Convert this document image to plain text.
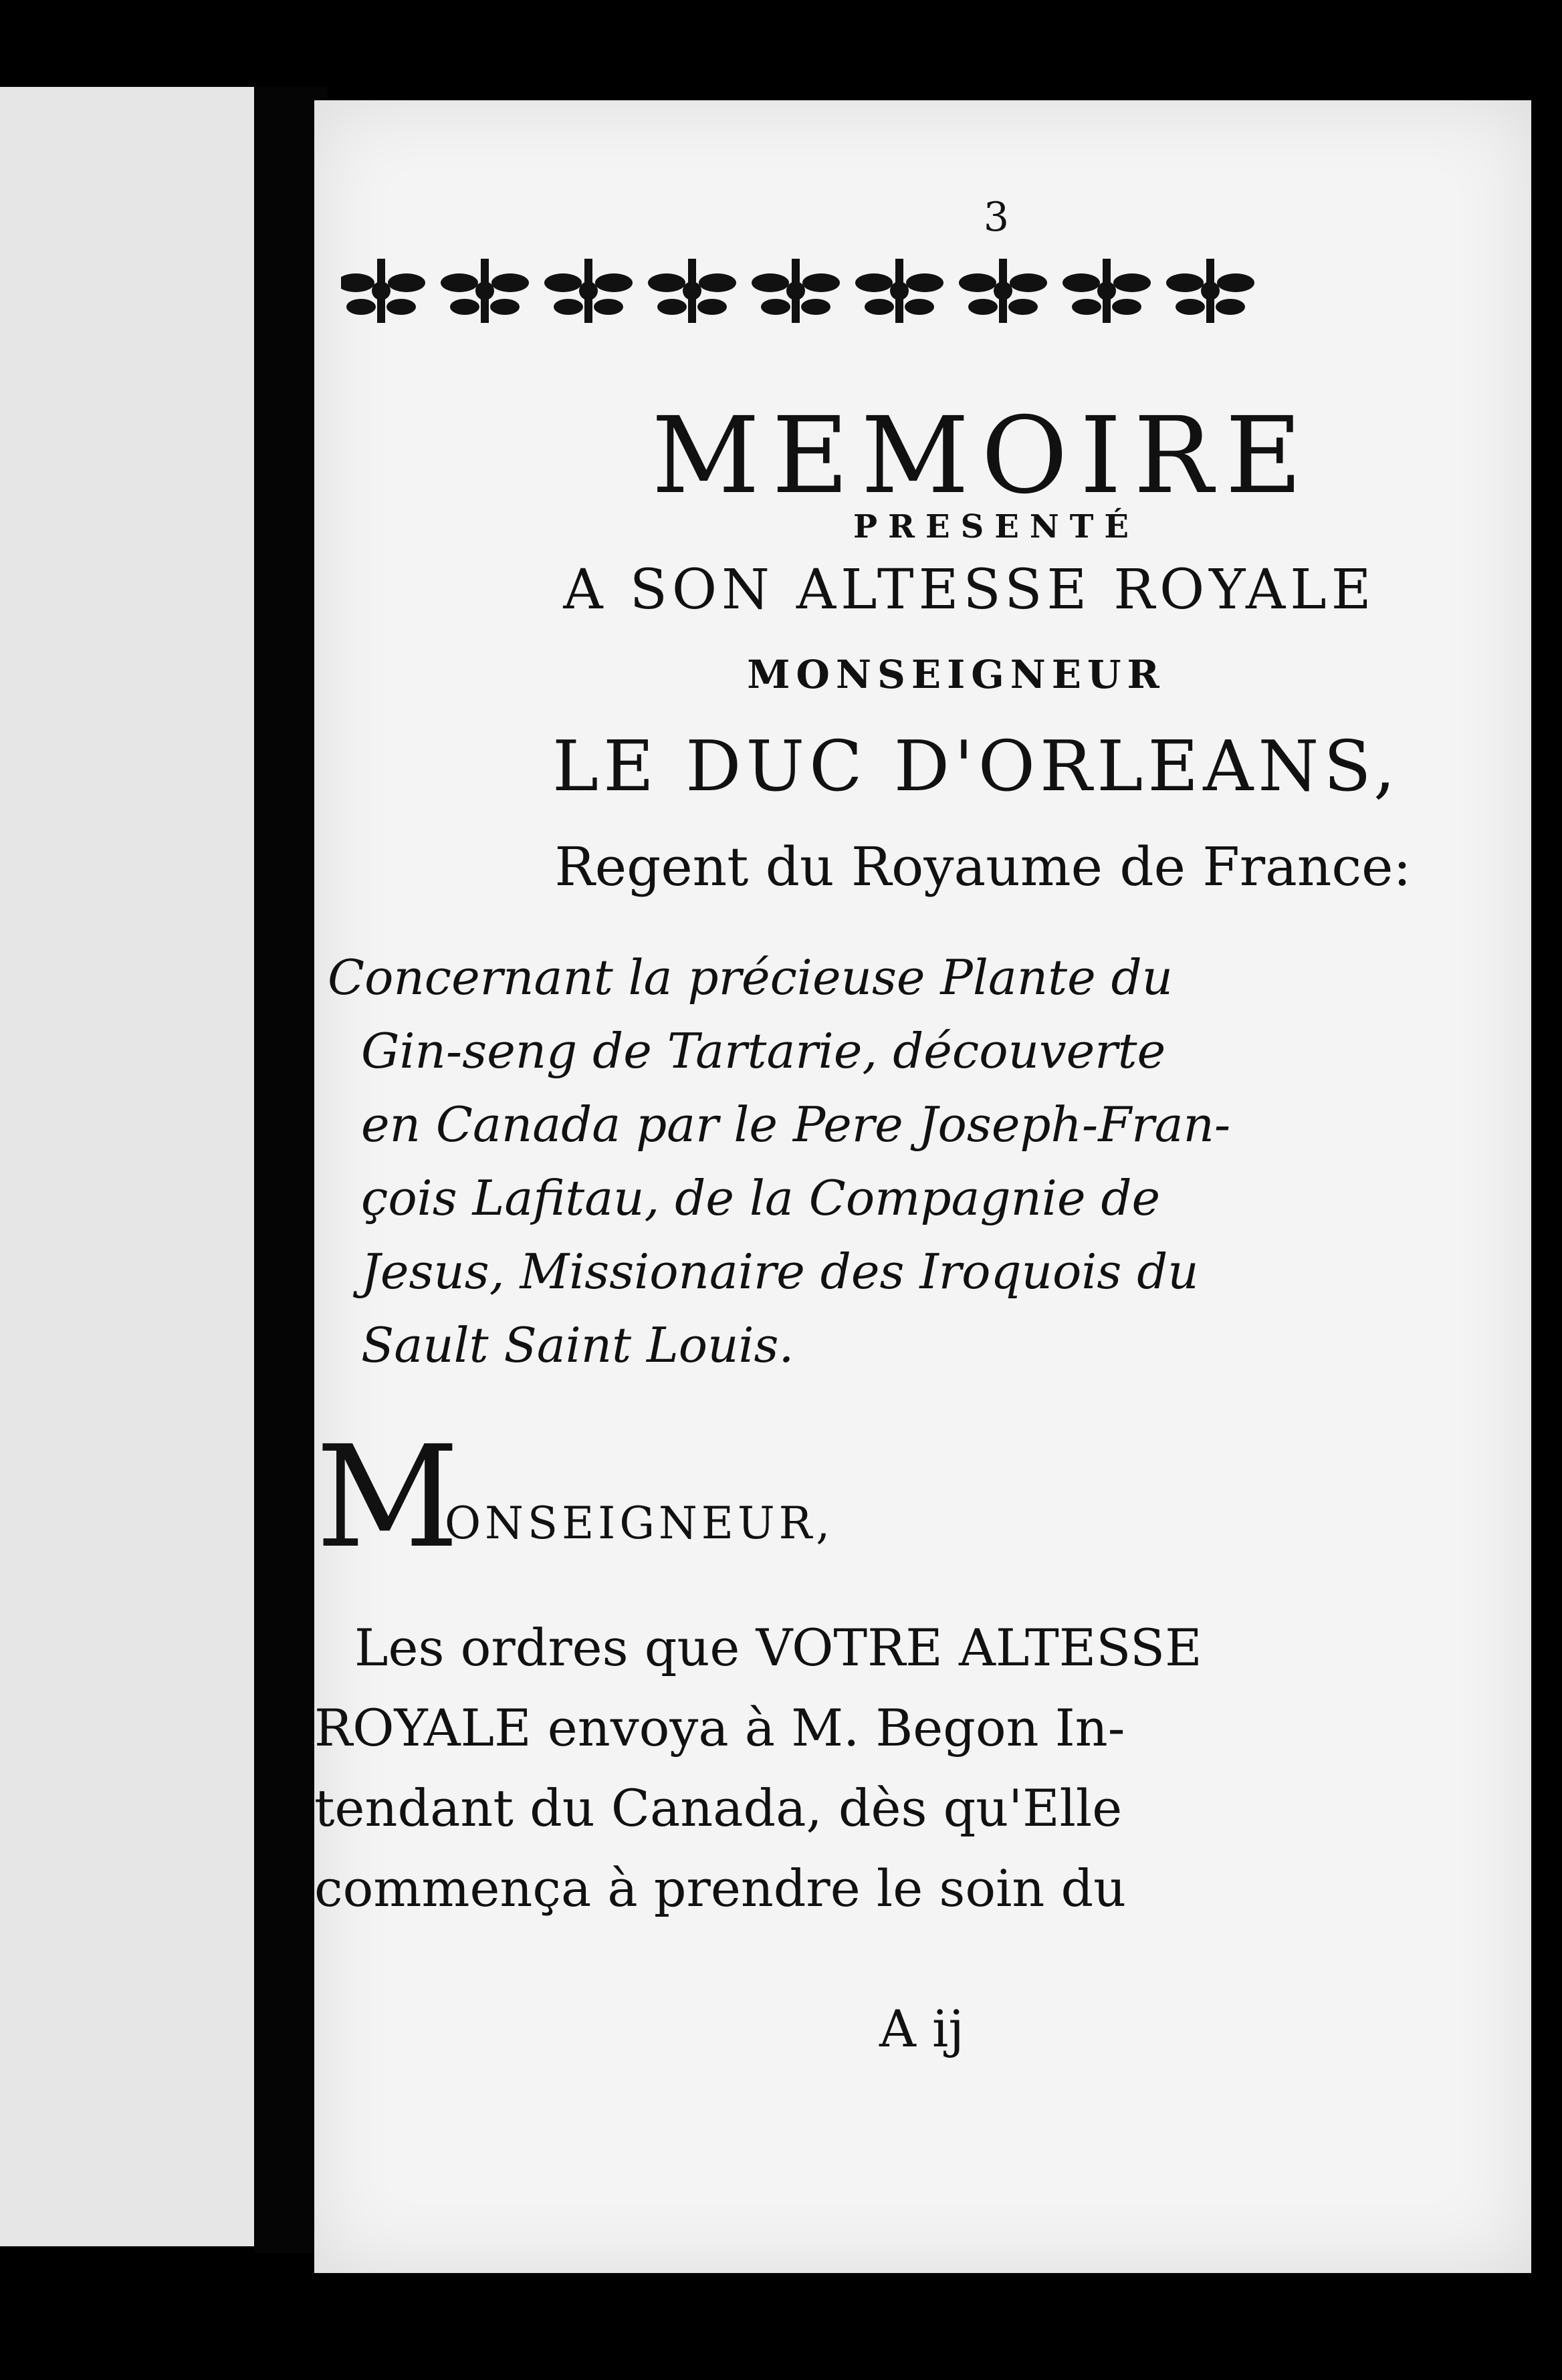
3
MEMOIRE
PRESENTÉ
A SON ALTESSE ROYALE
MONSEIGNEUR
LE DUC D'ORLEANS,
Regent du Royaume de France:
Concernant la précieuse Plante du
Gin-seng de Tartarie, découverte
en Canada par le Pere Joseph-Fran-
çois Lafitau, de la Compagnie de
Jesus, Missionaire des Iroquois du
Sault Saint Louis.
M
ONSEIGNEUR,
Les ordres que VOTRE ALTESSE
ROYALE envoya à M. Begon In-
tendant du Canada, dès qu'Elle
commença à prendre le soin du
A ij
